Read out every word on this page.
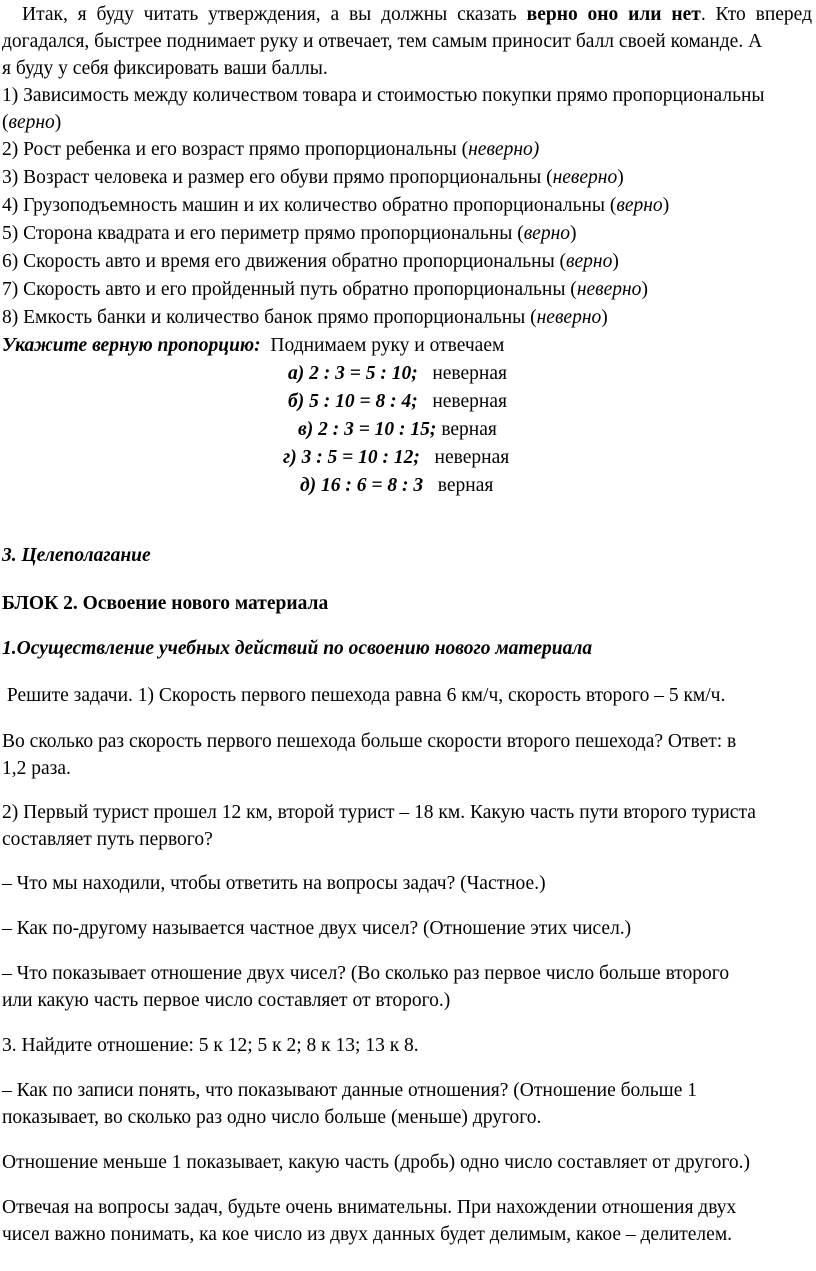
Итак, я буду читать утверждения, а вы должны сказать верно оно или нет. Кто вперед
догадался, быстрее поднимает руку и отвечает, тем самым приносит балл своей команде. А
я буду у себя фиксировать ваши баллы.
1) Зависимость между количеством товара и стоимостью покупки прямо пропорциональны
(верно)
2) Рост ребенка и его возраст прямо пропорциональны (неверно)
3) Возраст человека и размер его обуви прямо пропорциональны (неверно)
4) Грузоподъемность машин и их количество обратно пропорциональны (верно)
5) Сторона квадрата и его периметр прямо пропорциональны (верно)
6) Скорость авто и время его движения обратно пропорциональны (верно)
7) Скорость авто и его пройденный путь обратно пропорциональны (неверно)
8) Емкость банки и количество банок прямо пропорциональны (неверно)
Укажите верную пропорцию:  Поднимаем руку и отвечаем
а) 2 : 3 = 5 : 10; неверная
б) 5 : 10 = 8 : 4; неверная
в) 2 : 3 = 10 : 15; верная
г) 3 : 5 = 10 : 12; неверная
д) 16 : 6 = 8 : 3 верная
3. Целеполагание
БЛОК 2. Освоение нового материала
1.Осуществление учебных действий по освоению нового материала
Решите задачи. 1) Скорость первого пешехода равна 6 км/ч, скорость второго – 5 км/ч.
Во сколько раз скорость первого пешехода больше скорости второго пешехода? Ответ: в
1,2 раза.
2) Первый турист прошел 12 км, второй турист – 18 км. Какую часть пути второго туриста
составляет путь первого?
– Что мы находили, чтобы ответить на вопросы задач? (Частное.)
– Как по-другому называется частное двух чисел? (Отношение этих чисел.)
– Что показывает отношение двух чисел? (Во сколько раз первое число больше второго
или какую часть первое число составляет от второго.)
3. Найдите отношение: 5 к 12; 5 к 2; 8 к 13; 13 к 8.
– Как по записи понять, что показывают данные отношения? (Отношение больше 1
показывает, во сколько раз одно число больше (меньше) другого.
Отношение меньше 1 показывает, какую часть (дробь) одно число составляет от другого.)
Отвечая на вопросы задач, будьте очень внимательны. При нахождении отношения двух
чисел важно понимать, ка кое число из двух данных будет делимым, какое – делителем.
